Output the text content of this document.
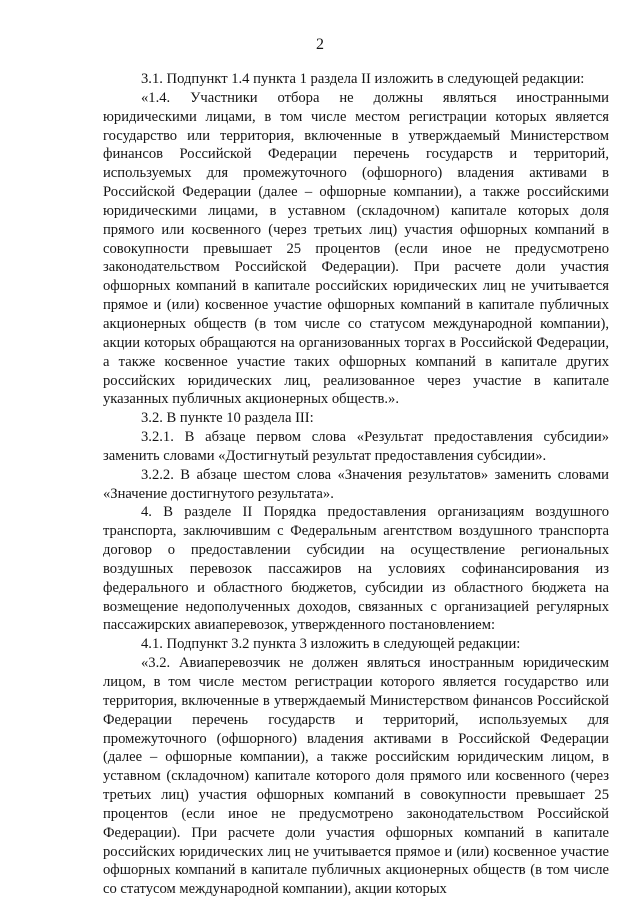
2

3.1. Подпункт 1.4 пункта 1 раздела II изложить в следующей редакции:

«1.4. Участники отбора не должны являться иностранными юридическими лицами, в том числе местом регистрации которых является государство или территория, включенные в утверждаемый Министерством финансов Российской Федерации перечень государств и территорий, используемых для промежуточного (офшорного) владения активами в Российской Федерации (далее – офшорные компании), а также российскими юридическими лицами, в уставном (складочном) капитале которых доля прямого или косвенного (через третьих лиц) участия офшорных компаний в совокупности превышает 25 процентов (если иное не предусмотрено законодательством Российской Федерации). При расчете доли участия офшорных компаний в капитале российских юридических лиц не учитывается прямое и (или) косвенное участие офшорных компаний в капитале публичных акционерных обществ (в том числе со статусом международной компании), акции которых обращаются на организованных торгах в Российской Федерации, а также косвенное участие таких офшорных компаний в капитале других российских юридических лиц, реализованное через участие в капитале указанных публичных акционерных обществ.».

3.2. В пункте 10 раздела III:

3.2.1. В абзаце первом слова «Результат предоставления субсидии» заменить словами «Достигнутый результат предоставления субсидии».

3.2.2. В абзаце шестом слова «Значения результатов» заменить словами «Значение достигнутого результата».

4. В разделе II Порядка предоставления организациям воздушного транспорта, заключившим с Федеральным агентством воздушного транспорта договор о предоставлении субсидии на осуществление региональных воздушных перевозок пассажиров на условиях софинансирования из федерального и областного бюджетов, субсидии из областного бюджета на возмещение недополученных доходов, связанных с организацией регулярных пассажирских авиаперевозок, утвержденного постановлением:

4.1. Подпункт 3.2 пункта 3 изложить в следующей редакции:

«3.2. Авиаперевозчик не должен являться иностранным юридическим лицом, в том числе местом регистрации которого является государство или территория, включенные в утверждаемый Министерством финансов Российской Федерации перечень государств и территорий, используемых для промежуточного (офшорного) владения активами в Российской Федерации (далее – офшорные компании), а также российским юридическим лицом, в уставном (складочном) капитале которого доля прямого или косвенного (через третьих лиц) участия офшорных компаний в совокупности превышает 25 процентов (если иное не предусмотрено законодательством Российской Федерации). При расчете доли участия офшорных компаний в капитале российских юридических лиц не учитывается прямое и (или) косвенное участие офшорных компаний в капитале публичных акционерных обществ (в том числе со статусом международной компании), акции которых
